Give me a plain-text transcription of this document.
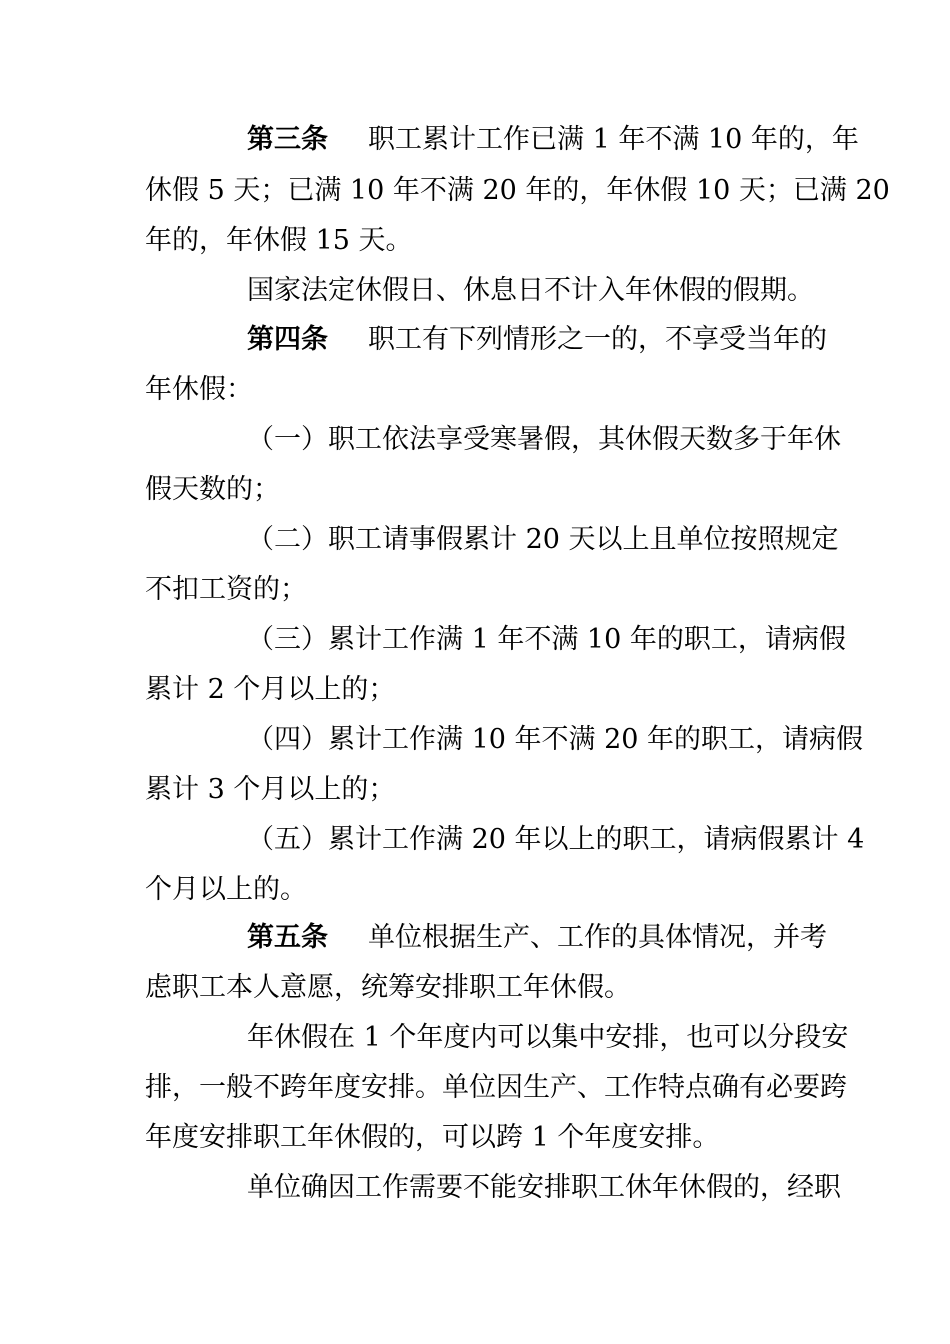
第三条 职工累计工作已满 1 年不满 10 年的，年
休假 5 天；已满 10 年不满 20 年的，年休假 10 天；已满 20
年的，年休假 15 天。
国家法定休假日、休息日不计入年休假的假期。
第四条 职工有下列情形之一的，不享受当年的
年休假：
（一）职工依法享受寒暑假，其休假天数多于年休
假天数的；
（二）职工请事假累计 20 天以上且单位按照规定
不扣工资的；
（三）累计工作满 1 年不满 10 年的职工，请病假
累计 2 个月以上的；
（四）累计工作满 10 年不满 20 年的职工，请病假
累计 3 个月以上的；
（五）累计工作满 20 年以上的职工，请病假累计 4
个月以上的。
第五条 单位根据生产、工作的具体情况，并考
虑职工本人意愿，统筹安排职工年休假。
年休假在 1 个年度内可以集中安排，也可以分段安
排，一般不跨年度安排。单位因生产、工作特点确有必要跨
年度安排职工年休假的，可以跨 1 个年度安排。
单位确因工作需要不能安排职工休年休假的，经职
